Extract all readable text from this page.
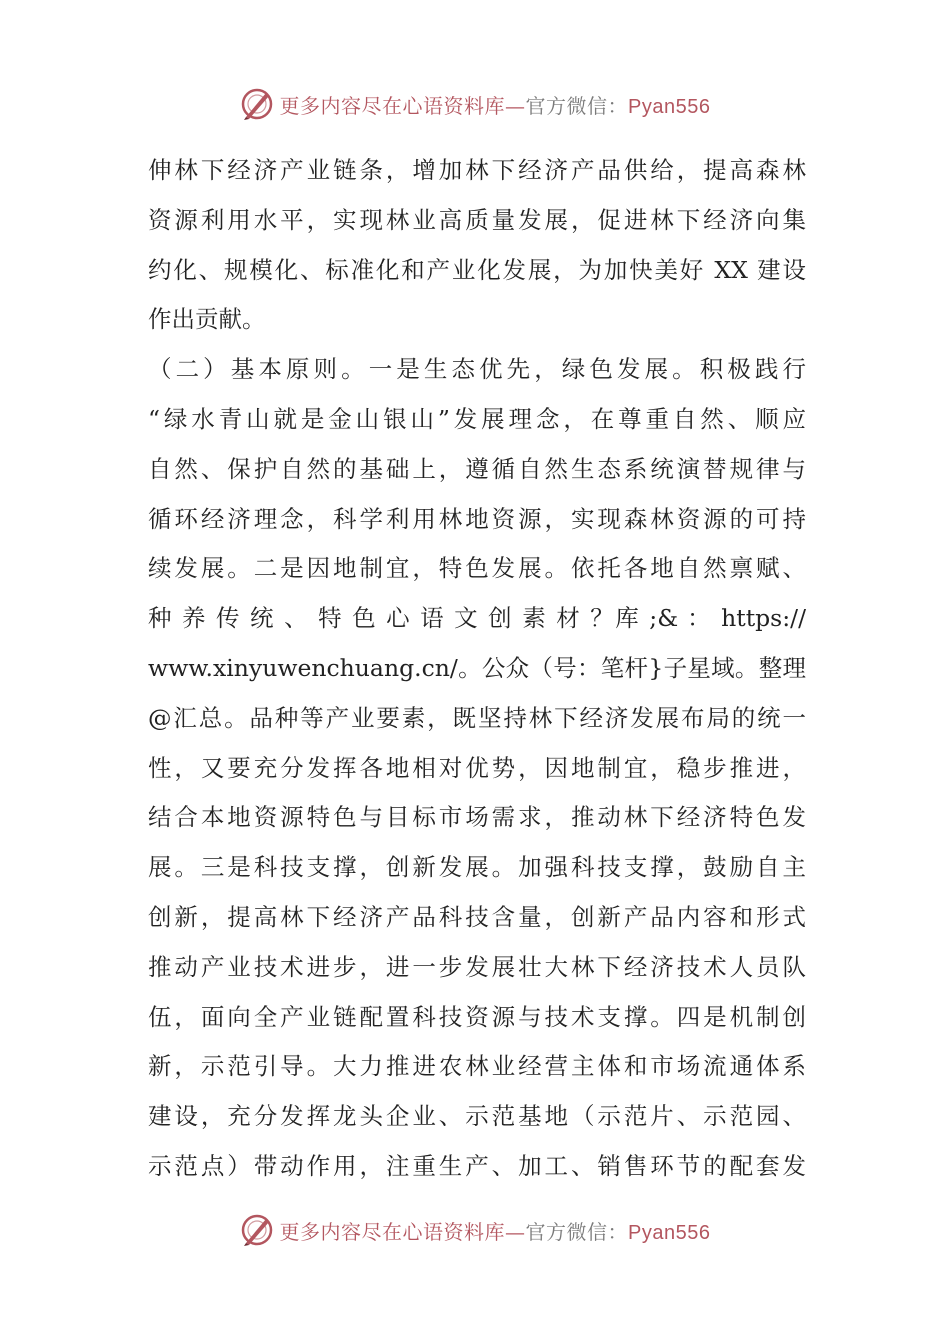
更多内容尽在心语资料库—官方微信：Pyan556
伸林下经济产业链条，增加林下经济产品供给，提高森林
资源利用水平，实现林业高质量发展，促进林下经济向集
约化、规模化、标准化和产业化发展，为加快美好 XX 建设
作出贡献。
（二）基本原则。一是生态优先，绿色发展。积极践行
“绿水青山就是金山银山”发展理念，在尊重自然、顺应
自然、保护自然的基础上，遵循自然生态系统演替规律与
循环经济理念，科学利用林地资源，实现森林资源的可持
续发展。二是因地制宜，特色发展。依托各地自然禀赋、
种 养 传 统 、 特 色 心 语 文 创 素 材 ？库 ;& ： https://
www.xinyuwenchuang.cn/。公众（号：笔杆}子星域。整理
@汇总。品种等产业要素，既坚持林下经济发展布局的统一
性，又要充分发挥各地相对优势，因地制宜，稳步推进，
结合本地资源特色与目标市场需求，推动林下经济特色发
展。三是科技支撑，创新发展。加强科技支撑，鼓励自主
创新，提高林下经济产品科技含量，创新产品内容和形式
推动产业技术进步，进一步发展壮大林下经济技术人员队
伍，面向全产业链配置科技资源与技术支撑。四是机制创
新，示范引导。大力推进农林业经营主体和市场流通体系
建设，充分发挥龙头企业、示范基地（示范片、示范园、
示范点）带动作用，注重生产、加工、销售环节的配套发
更多内容尽在心语资料库—官方微信：Pyan556
